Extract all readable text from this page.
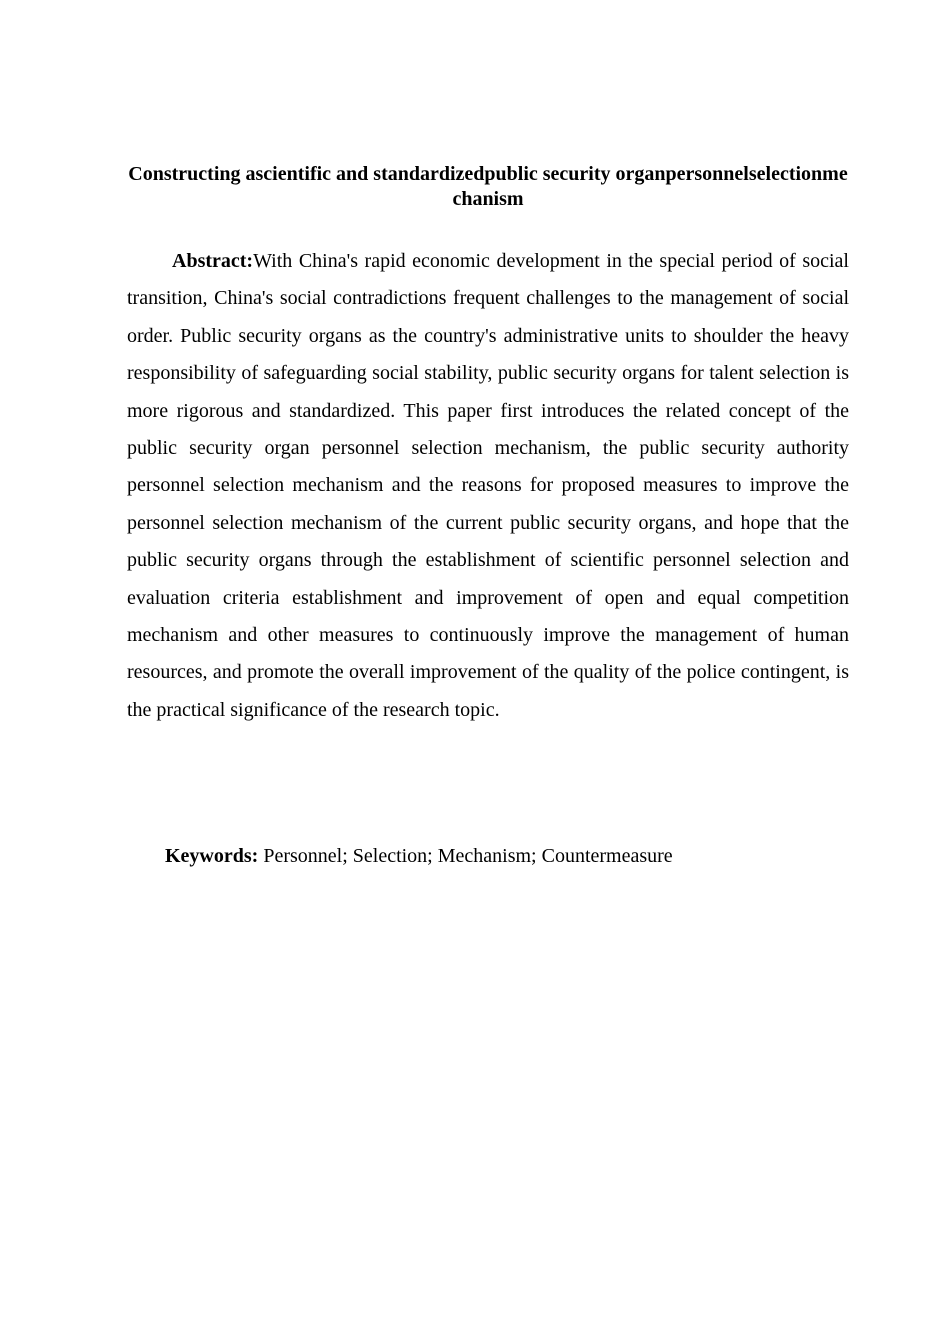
Constructing ascientific and standardizedpublic security organpersonnelselectionmechanism

Abstract:With China's rapid economic development in the special period of social transition, China's social contradictions frequent challenges to the management of social order. Public security organs as the country's administrative units to shoulder the heavy responsibility of safeguarding social stability, public security organs for talent selection is more rigorous and standardized. This paper first introduces the related concept of the public security organ personnel selection mechanism, the public security authority personnel selection mechanism and the reasons for proposed measures to improve the personnel selection mechanism of the current public security organs, and hope that the public security organs through the establishment of scientific personnel selection and evaluation criteria establishment and improvement of open and equal competition mechanism and other measures to continuously improve the management of human resources, and promote the overall improvement of the quality of the police contingent, is the practical significance of the research topic.

Keywords: Personnel; Selection; Mechanism; Countermeasure
